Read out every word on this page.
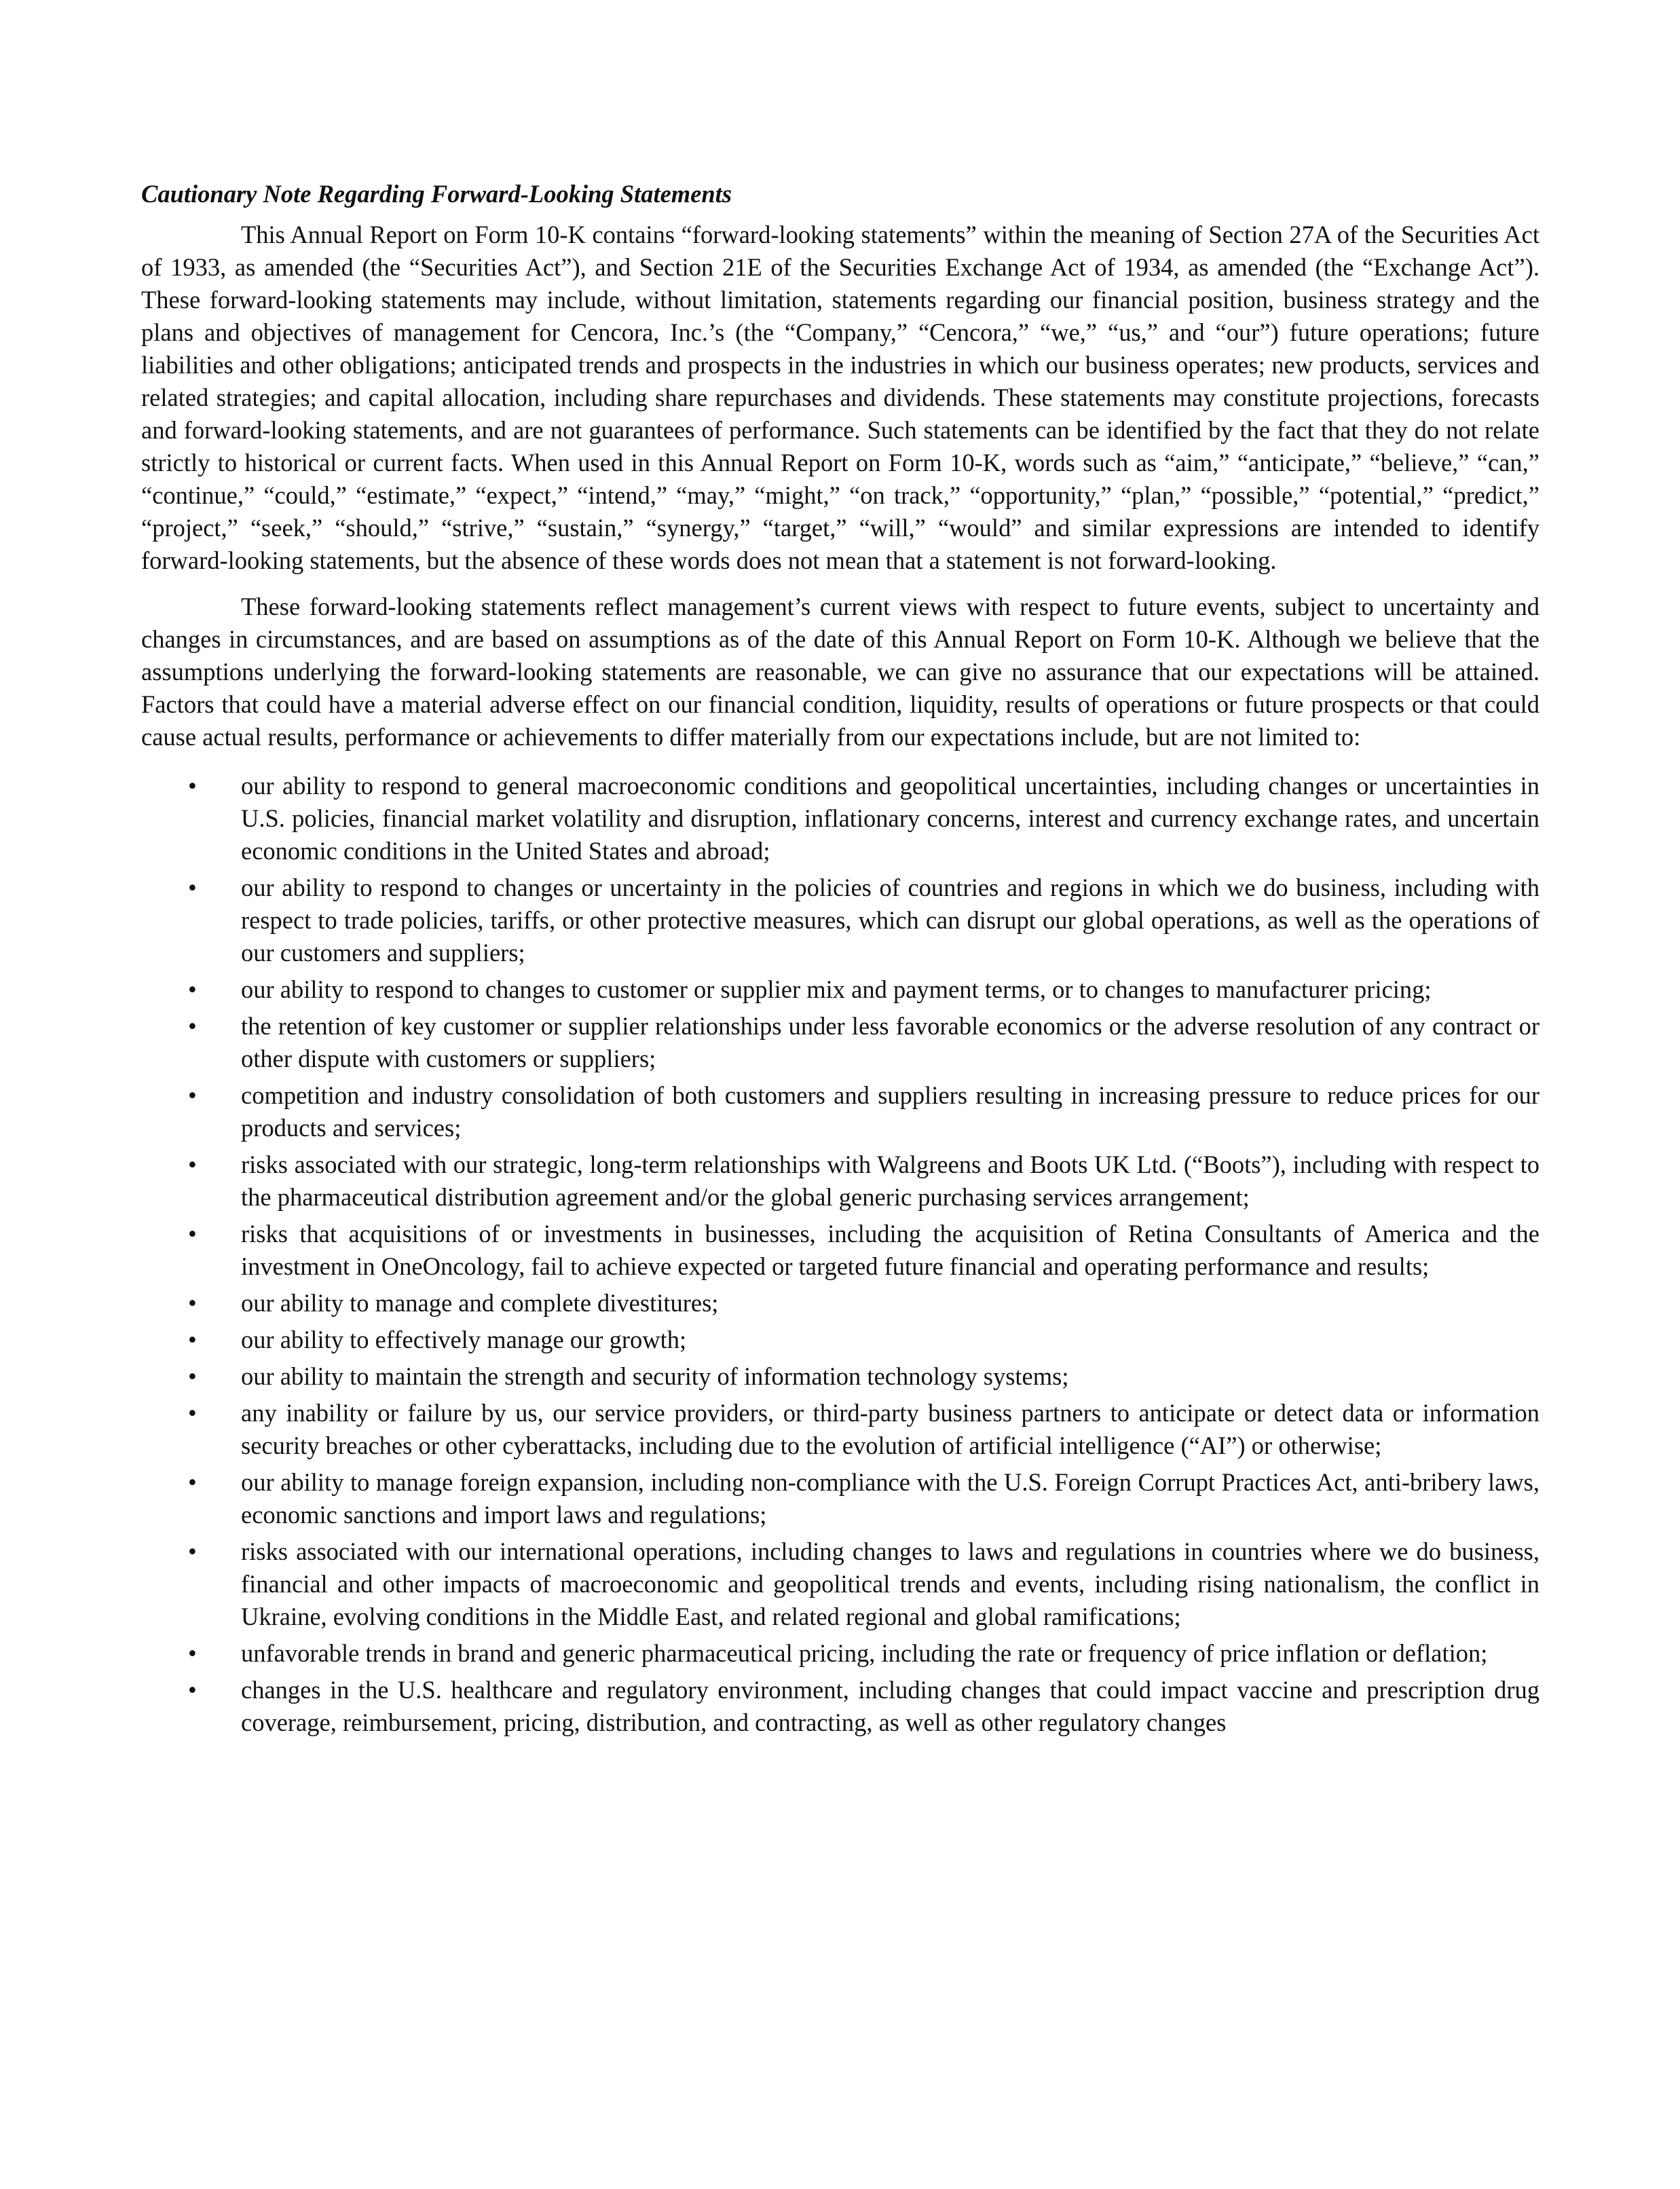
Cautionary Note Regarding Forward-Looking Statements

This Annual Report on Form 10-K contains “forward-looking statements” within the meaning of Section 27A of the Securities Act of 1933, as amended (the “Securities Act”), and Section 21E of the Securities Exchange Act of 1934, as amended (the “Exchange Act”). These forward-looking statements may include, without limitation, statements regarding our financial position, business strategy and the plans and objectives of management for Cencora, Inc.’s (the “Company,” “Cencora,” “we,” “us,” and “our”) future operations; future liabilities and other obligations; anticipated trends and prospects in the industries in which our business operates; new products, services and related strategies; and capital allocation, including share repurchases and dividends. These statements may constitute projections, forecasts and forward-looking statements, and are not guarantees of performance. Such statements can be identified by the fact that they do not relate strictly to historical or current facts. When used in this Annual Report on Form 10-K, words such as “aim,” “anticipate,” “believe,” “can,” “continue,” “could,” “estimate,” “expect,” “intend,” “may,” “might,” “on track,” “opportunity,” “plan,” “possible,” “potential,” “predict,” “project,” “seek,” “should,” “strive,” “sustain,” “synergy,” “target,” “will,” “would” and similar expressions are intended to identify forward-looking statements, but the absence of these words does not mean that a statement is not forward-looking.

These forward-looking statements reflect management’s current views with respect to future events, subject to uncertainty and changes in circumstances, and are based on assumptions as of the date of this Annual Report on Form 10-K. Although we believe that the assumptions underlying the forward-looking statements are reasonable, we can give no assurance that our expectations will be attained. Factors that could have a material adverse effect on our financial condition, liquidity, results of operations or future prospects or that could cause actual results, performance or achievements to differ materially from our expectations include, but are not limited to:

• our ability to respond to general macroeconomic conditions and geopolitical uncertainties, including changes or uncertainties in U.S. policies, financial market volatility and disruption, inflationary concerns, interest and currency exchange rates, and uncertain economic conditions in the United States and abroad;
• our ability to respond to changes or uncertainty in the policies of countries and regions in which we do business, including with respect to trade policies, tariffs, or other protective measures, which can disrupt our global operations, as well as the operations of our customers and suppliers;
• our ability to respond to changes to customer or supplier mix and payment terms, or to changes to manufacturer pricing;
• the retention of key customer or supplier relationships under less favorable economics or the adverse resolution of any contract or other dispute with customers or suppliers;
• competition and industry consolidation of both customers and suppliers resulting in increasing pressure to reduce prices for our products and services;
• risks associated with our strategic, long-term relationships with Walgreens and Boots UK Ltd. (“Boots”), including with respect to the pharmaceutical distribution agreement and/or the global generic purchasing services arrangement;
• risks that acquisitions of or investments in businesses, including the acquisition of Retina Consultants of America and the investment in OneOncology, fail to achieve expected or targeted future financial and operating performance and results;
• our ability to manage and complete divestitures;
• our ability to effectively manage our growth;
• our ability to maintain the strength and security of information technology systems;
• any inability or failure by us, our service providers, or third-party business partners to anticipate or detect data or information security breaches or other cyberattacks, including due to the evolution of artificial intelligence (“AI”) or otherwise;
• our ability to manage foreign expansion, including non-compliance with the U.S. Foreign Corrupt Practices Act, anti-bribery laws, economic sanctions and import laws and regulations;
• risks associated with our international operations, including changes to laws and regulations in countries where we do business, financial and other impacts of macroeconomic and geopolitical trends and events, including rising nationalism, the conflict in Ukraine, evolving conditions in the Middle East, and related regional and global ramifications;
• unfavorable trends in brand and generic pharmaceutical pricing, including the rate or frequency of price inflation or deflation;
• changes in the U.S. healthcare and regulatory environment, including changes that could impact vaccine and prescription drug coverage, reimbursement, pricing, distribution, and contracting, as well as other regulatory changes
